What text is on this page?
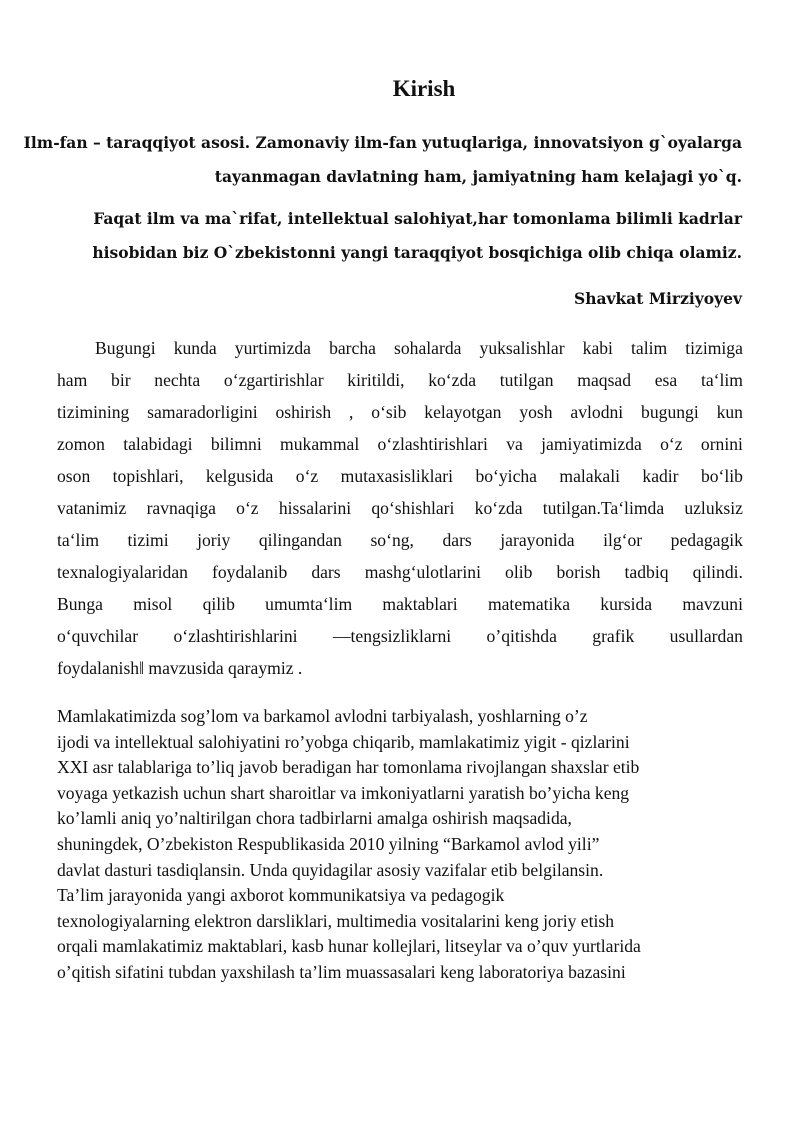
Kirish
Ilm-fan – taraqqiyot asosi. Zamonaviy ilm-fan yutuqlariga, innovatsiyon g`oyalarga
tayanmagan davlatning ham, jamiyatning ham kelajagi yo`q.
Faqat ilm va ma`rifat, intellektual salohiyat,har tomonlama bilimli kadrlar
hisobidan biz O`zbekistonni yangi taraqqiyot bosqichiga olib chiqa olamiz.
Shavkat Mirziyoyev
Bugungi kunda yurtimizda barcha sohalarda yuksalishlar kabi talim tizimiga
ham bir nechta o‘zgartirishlar kiritildi, ko‘zda tutilgan maqsad esa ta‘lim
tizimining samaradorligini oshirish , o‘sib kelayotgan yosh avlodni bugungi kun
zomon talabidagi bilimni mukammal o‘zlashtirishlari va jamiyatimizda o‘z ornini
oson topishlari, kelgusida o‘z mutaxasisliklari bo‘yicha malakali kadir bo‘lib
vatanimiz ravnaqiga o‘z hissalarini qo‘shishlari ko‘zda tutilgan.Ta‘limda uzluksiz
ta‘lim tizimi joriy qilingandan so‘ng, dars jarayonida ilg‘or pedagagik
texnalogiyalaridan foydalanib dars mashg‘ulotlarini olib borish tadbiq qilindi.
Bunga misol qilib umumta‘lim maktablari matematika kursida mavzuni
o‘quvchilar o‘zlashtirishlarini ―tengsizliklarni o’qitishda grafik usullardan
foydalanish‖ mavzusida qaraymiz .
Mamlakatimizda sog’lom va barkamol avlodni tarbiyalash, yoshlarning o’z
ijodi va intellektual salohiyatini ro’yobga chiqarib, mamlakatimiz yigit - qizlarini
XXI asr talablariga to’liq javob beradigan har tomonlama rivojlangan shaxslar etib
voyaga yetkazish uchun shart sharoitlar va imkoniyatlarni yaratish bo’yicha keng
ko’lamli aniq yo’naltirilgan chora tadbirlarni amalga oshirish maqsadida,
shuningdek, O’zbekiston Respublikasida 2010 yilning “Barkamol avlod yili”
davlat dasturi tasdiqlansin. Unda quyidagilar asosiy vazifalar etib belgilansin.
Ta’lim jarayonida yangi axborot kommunikatsiya va pedagogik
texnologiyalarning elektron darsliklari, multimedia vositalarini keng joriy etish
orqali mamlakatimiz maktablari, kasb hunar kollejlari, litseylar va o’quv yurtlarida
o’qitish sifatini tubdan yaxshilash ta’lim muassasalari keng laboratoriya bazasini
